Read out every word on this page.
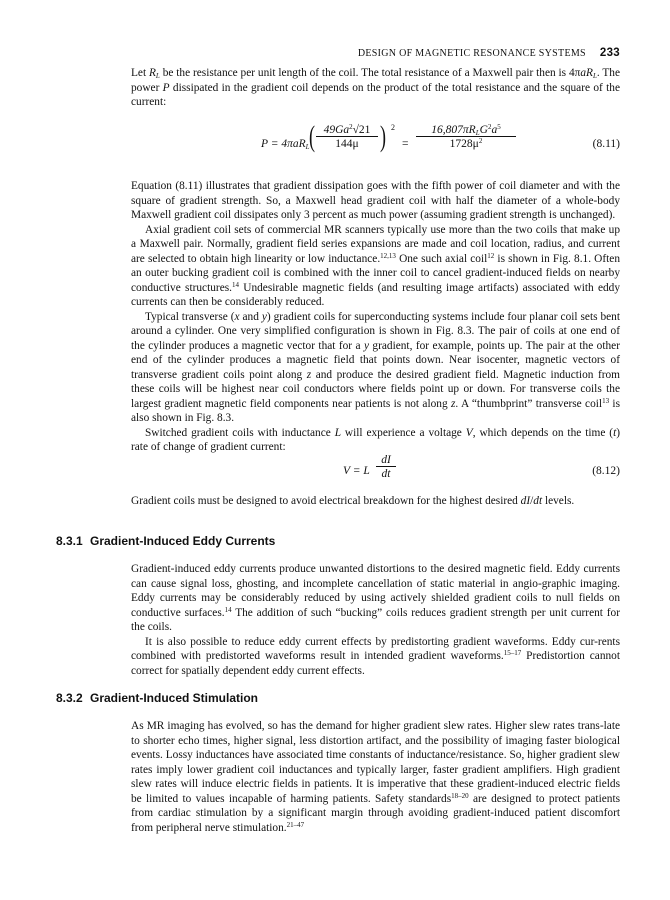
DESIGN OF MAGNETIC RESONANCE SYSTEMS 233

Let $R_L$ be the resistance per unit length of the coil. The total resistance of a Maxwell pair then is 4πaR$_L$. The power P dissipated in the gradient coil depends on the product of the total resistance and the square of the current:

P = 4πaR$_L$ ( $\frac{49Ga^2√21}{144\mu}$ ) 2
=
$16,807\pi R_LG^2a^5$
$1728\mu^2$	(8.11)

Equation (8.11) illustrates that gradient dissipation goes with the fifth power of coil diameter and with the square of gradient strength. So, a Maxwell head gradient coil with half the diameter of a whole-body Maxwell gradient coil dissipates only 3 percent as much power (assuming gradient strength is unchanged).

Axial gradient coil sets of commercial MR scanners typically use more than the two coils that make up a Maxwell pair. Normally, gradient field series expansions are made and coil location, radius, and current are selected to obtain high linearity or low inductance.$^{12,13}$ One such axial coil$^{12}$ is shown in Fig. 8.1. Often an outer bucking gradient coil is combined with the inner coil to cancel gradient-induced fields on nearby conductive structures.$^{14}$ Undesirable magnetic fields (and resulting image artifacts) associated with eddy currents can then be considerably reduced.

Typical transverse (x and y) gradient coils for superconducting systems include four planar coil sets bent around a cylinder. One very simplified configuration is shown in Fig. 8.3. The pair of coils at one end of the cylinder produces a magnetic vector that for a y gradient, for example, points up. The pair at the other end of the cylinder produces a magnetic field that points down. Near isocenter, magnetic vectors of transverse gradient coils point along z and produce the desired gradient field. Magnetic induction from these coils will be highest near coil conductors where fields point up or down. For transverse coils the largest gradient magnetic field components near patients is not along z. A “thumbprint” transverse coil$^{13}$ is also shown in Fig. 8.3.

Switched gradient coils with inductance L will experience a voltage V, which depends on the time (t) rate of change of gradient current:

V = L $\frac{dI}{dt}$	(8.12)

Gradient coils must be designed to avoid electrical breakdown for the highest desired dI/dt levels.

8.3.1 Gradient-Induced Eddy Currents

Gradient-induced eddy currents produce unwanted distortions to the desired magnetic field. Eddy currents can cause signal loss, ghosting, and incomplete cancellation of static material in angio-graphic imaging. Eddy currents may be considerably reduced by using actively shielded gradient coils to null fields on conductive surfaces.$^{14}$ The addition of such “bucking” coils reduces gradient strength per unit current for the coils.

It is also possible to reduce eddy current effects by predistorting gradient waveforms. Eddy cur-rents combined with predistorted waveforms result in intended gradient waveforms.$^{15-17}$ Predistortion cannot correct for spatially dependent eddy current effects.

8.3.2 Gradient-Induced Stimulation

As MR imaging has evolved, so has the demand for higher gradient slew rates. Higher slew rates trans-late to shorter echo times, higher signal, less distortion artifact, and the possibility of imaging faster biological events. Lossy inductances have associated time constants of inductance/resistance. So, higher gradient slew rates imply lower gradient coil inductances and typically larger, faster gradient amplifiers. High gradient slew rates will induce electric fields in patients. It is imperative that these gradient-induced electric fields be limited to values incapable of harming patients. Safety standards$^{18-20}$ are designed to protect patients from cardiac stimulation by a significant margin through avoiding gradient-induced patient discomfort from peripheral nerve stimulation.$^{21-47}$
